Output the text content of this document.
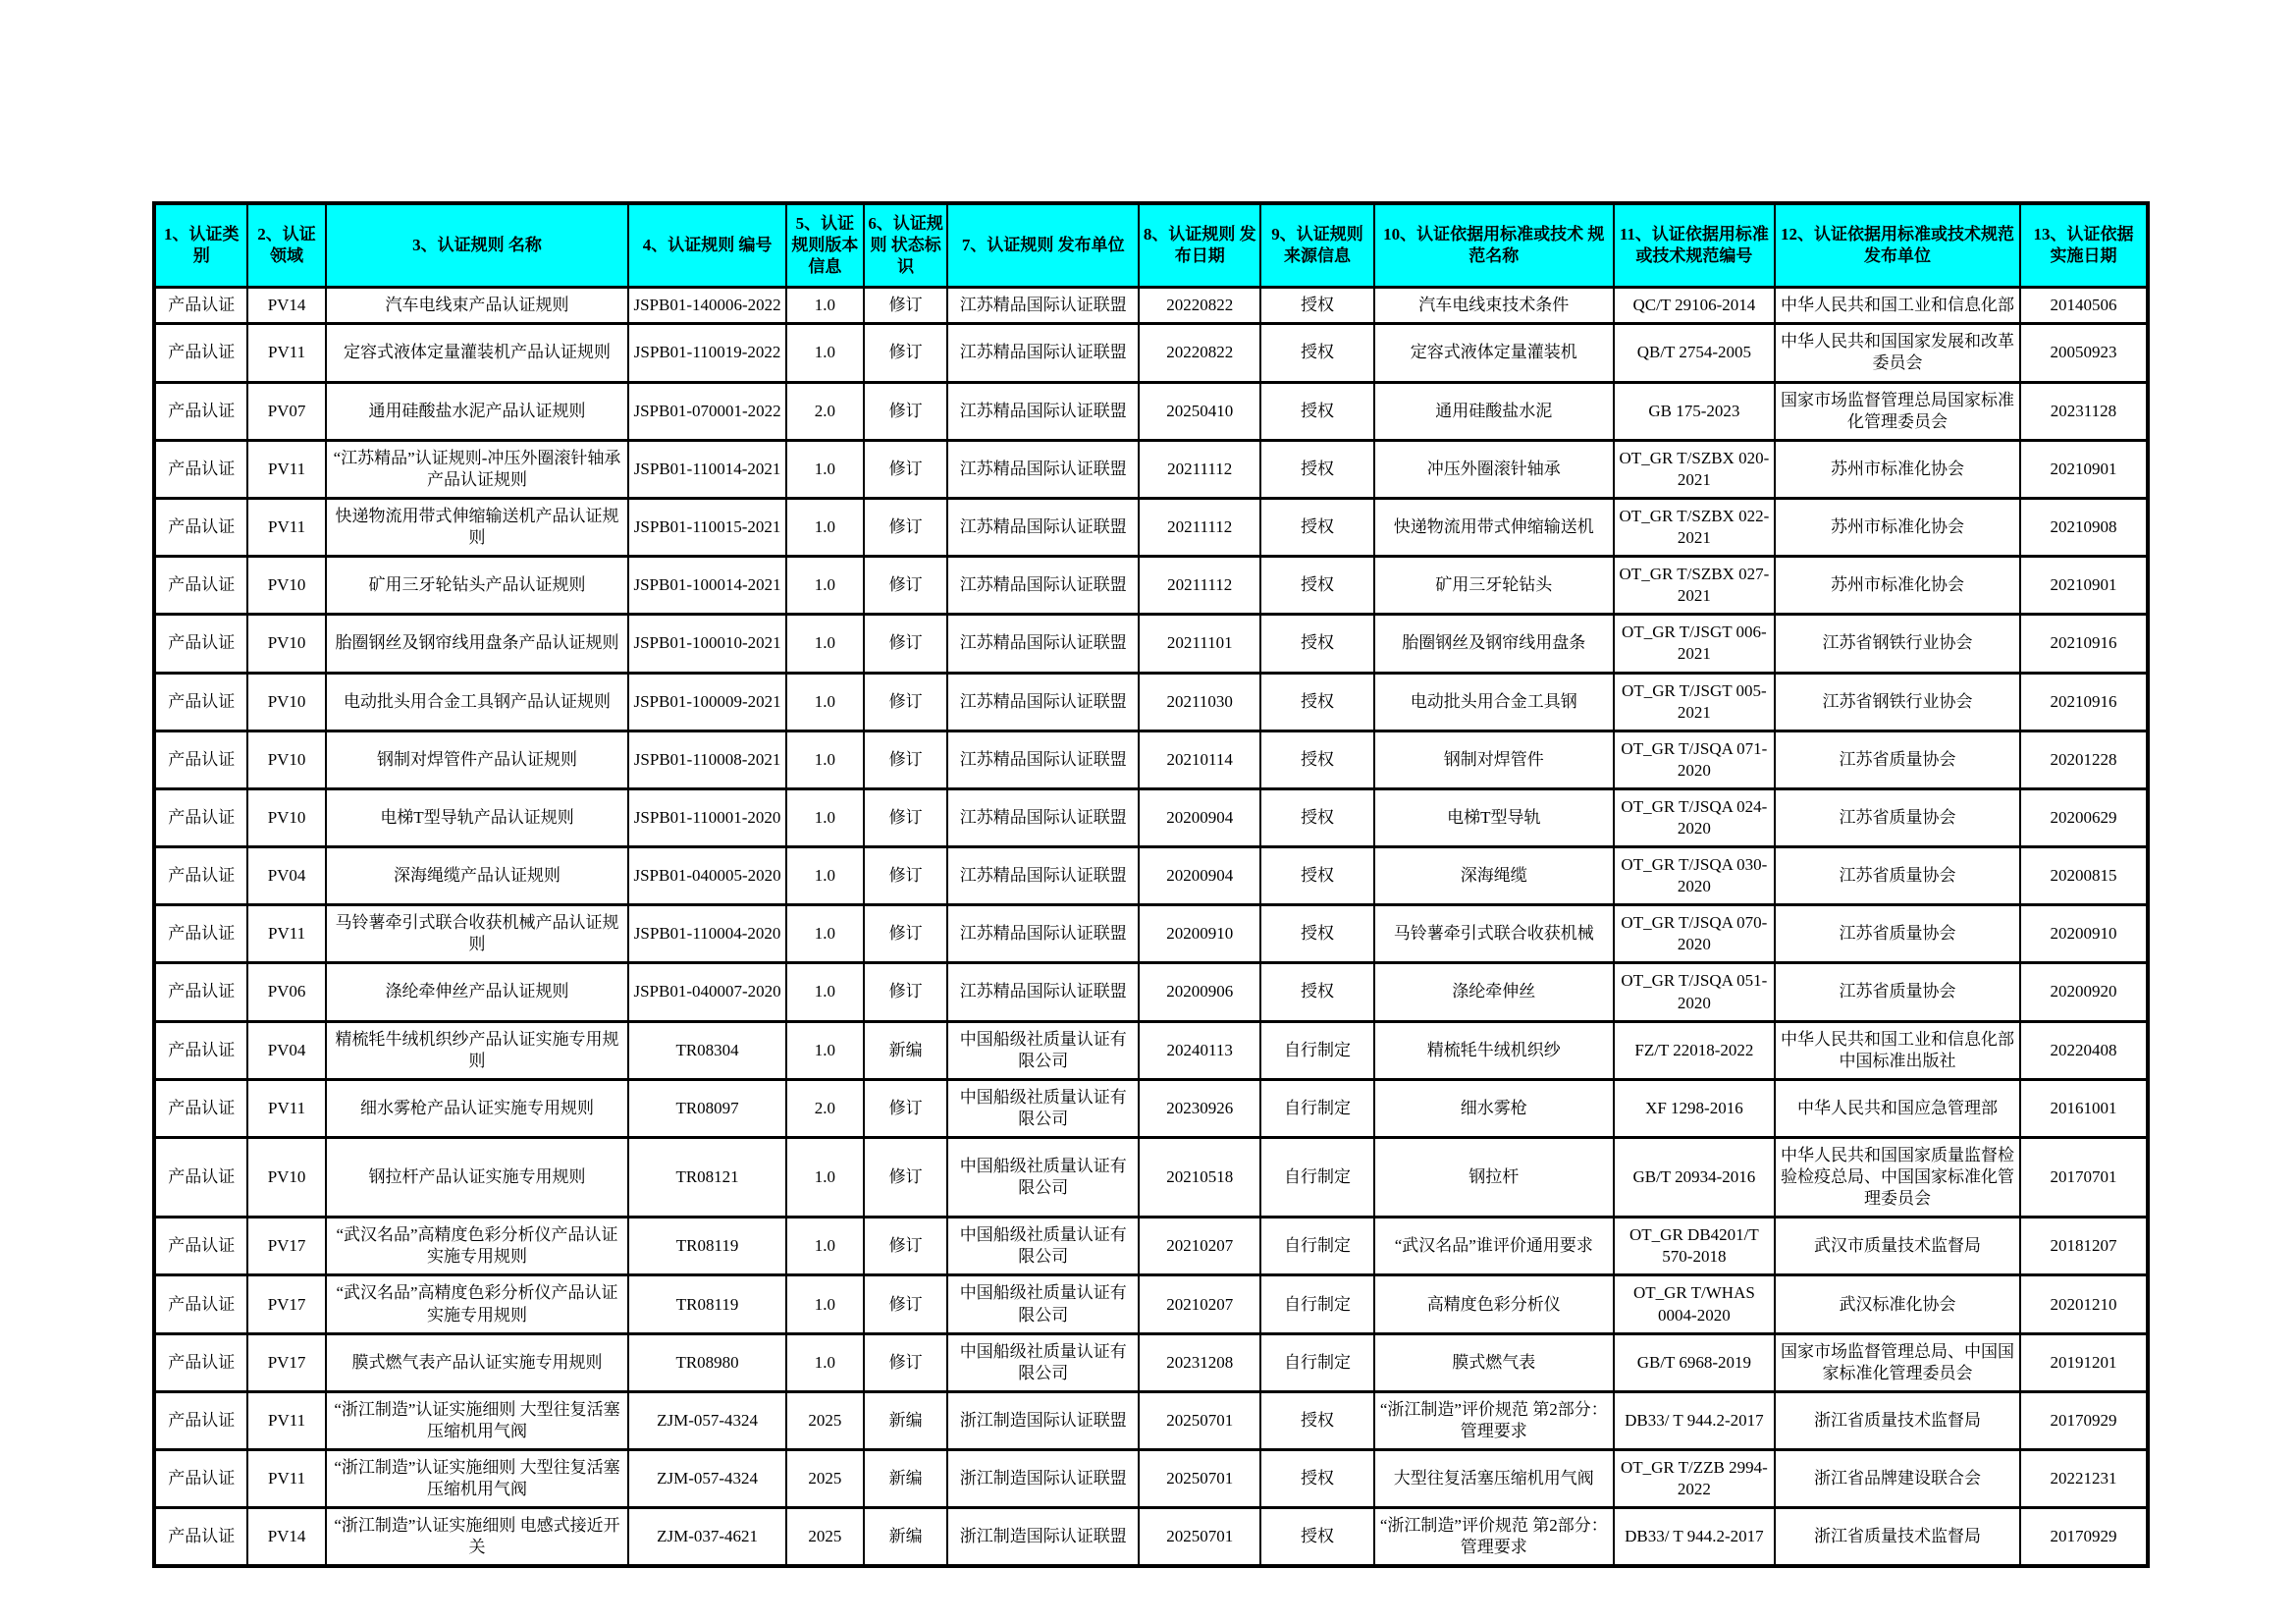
1、认证类别	2、认证领域	3、认证规则 名称	4、认证规则 编号	5、认证规则版本信息	6、认证规则 状态标识	7、认证规则 发布单位	8、认证规则 发布日期	9、认证规则 来源信息	10、认证依据用标准或技术 规范名称	11、认证依据用标准或技术规范编号	12、认证依据用标准或技术规范发布单位	13、认证依据 实施日期
产品认证	PV14	汽车电线束产品认证规则	JSPB01-140006-2022	1.0	修订	江苏精品国际认证联盟	20220822	授权	汽车电线束技术条件	QC/T 29106-2014	中华人民共和国工业和信息化部	20140506
产品认证	PV11	定容式液体定量灌装机产品认证规则	JSPB01-110019-2022	1.0	修订	江苏精品国际认证联盟	20220822	授权	定容式液体定量灌装机	QB/T 2754-2005	中华人民共和国国家发展和改革委员会	20050923
产品认证	PV07	通用硅酸盐水泥产品认证规则	JSPB01-070001-2022	2.0	修订	江苏精品国际认证联盟	20250410	授权	通用硅酸盐水泥	GB 175-2023	国家市场监督管理总局国家标准化管理委员会	20231128
产品认证	PV11	“江苏精品”认证规则-冲压外圈滚针轴承产品认证规则	JSPB01-110014-2021	1.0	修订	江苏精品国际认证联盟	20211112	授权	冲压外圈滚针轴承	OT_GR T/SZBX 020-2021	苏州市标准化协会	20210901
产品认证	PV11	快递物流用带式伸缩输送机产品认证规则	JSPB01-110015-2021	1.0	修订	江苏精品国际认证联盟	20211112	授权	快递物流用带式伸缩输送机	OT_GR T/SZBX 022-2021	苏州市标准化协会	20210908
产品认证	PV10	矿用三牙轮钻头产品认证规则	JSPB01-100014-2021	1.0	修订	江苏精品国际认证联盟	20211112	授权	矿用三牙轮钻头	OT_GR T/SZBX 027-2021	苏州市标准化协会	20210901
产品认证	PV10	胎圈钢丝及钢帘线用盘条产品认证规则	JSPB01-100010-2021	1.0	修订	江苏精品国际认证联盟	20211101	授权	胎圈钢丝及钢帘线用盘条	OT_GR T/JSGT 006-2021	江苏省钢铁行业协会	20210916
产品认证	PV10	电动批头用合金工具钢产品认证规则	JSPB01-100009-2021	1.0	修订	江苏精品国际认证联盟	20211030	授权	电动批头用合金工具钢	OT_GR T/JSGT 005-2021	江苏省钢铁行业协会	20210916
产品认证	PV10	钢制对焊管件产品认证规则	JSPB01-110008-2021	1.0	修订	江苏精品国际认证联盟	20210114	授权	钢制对焊管件	OT_GR T/JSQA 071-2020	江苏省质量协会	20201228
产品认证	PV10	电梯T型导轨产品认证规则	JSPB01-110001-2020	1.0	修订	江苏精品国际认证联盟	20200904	授权	电梯T型导轨	OT_GR T/JSQA 024-2020	江苏省质量协会	20200629
产品认证	PV04	深海绳缆产品认证规则	JSPB01-040005-2020	1.0	修订	江苏精品国际认证联盟	20200904	授权	深海绳缆	OT_GR T/JSQA 030-2020	江苏省质量协会	20200815
产品认证	PV11	马铃薯牵引式联合收获机械产品认证规则	JSPB01-110004-2020	1.0	修订	江苏精品国际认证联盟	20200910	授权	马铃薯牵引式联合收获机械	OT_GR T/JSQA 070-2020	江苏省质量协会	20200910
产品认证	PV06	涤纶牵伸丝产品认证规则	JSPB01-040007-2020	1.0	修订	江苏精品国际认证联盟	20200906	授权	涤纶牵伸丝	OT_GR T/JSQA 051-2020	江苏省质量协会	20200920
产品认证	PV04	精梳牦牛绒机织纱产品认证实施专用规则	TR08304	1.0	新编	中国船级社质量认证有限公司	20240113	自行制定	精梳牦牛绒机织纱	FZ/T 22018-2022	中华人民共和国工业和信息化部 中国标准出版社	20220408
产品认证	PV11	细水雾枪产品认证实施专用规则	TR08097	2.0	修订	中国船级社质量认证有限公司	20230926	自行制定	细水雾枪	XF 1298-2016	中华人民共和国应急管理部	20161001
产品认证	PV10	钢拉杆产品认证实施专用规则	TR08121	1.0	修订	中国船级社质量认证有限公司	20210518	自行制定	钢拉杆	GB/T 20934-2016	中华人民共和国国家质量监督检验检疫总局、中国国家标准化管理委员会	20170701
产品认证	PV17	“武汉名品”高精度色彩分析仪产品认证实施专用规则	TR08119	1.0	修订	中国船级社质量认证有限公司	20210207	自行制定	“武汉名品”谁评价通用要求	OT_GR DB4201/T 570-2018	武汉市质量技术监督局	20181207
产品认证	PV17	“武汉名品”高精度色彩分析仪产品认证实施专用规则	TR08119	1.0	修订	中国船级社质量认证有限公司	20210207	自行制定	高精度色彩分析仪	OT_GR T/WHAS 0004-2020	武汉标准化协会	20201210
产品认证	PV17	膜式燃气表产品认证实施专用规则	TR08980	1.0	修订	中国船级社质量认证有限公司	20231208	自行制定	膜式燃气表	GB/T 6968-2019	国家市场监督管理总局、中国国家标准化管理委员会	20191201
产品认证	PV11	“浙江制造”认证实施细则 大型往复活塞压缩机用气阀	ZJM-057-4324	2025	新编	浙江制造国际认证联盟	20250701	授权	“浙江制造”评价规范 第2部分：管理要求	DB33/ T 944.2-2017	浙江省质量技术监督局	20170929
产品认证	PV11	“浙江制造”认证实施细则 大型往复活塞压缩机用气阀	ZJM-057-4324	2025	新编	浙江制造国际认证联盟	20250701	授权	大型往复活塞压缩机用气阀	OT_GR T/ZZB 2994-2022	浙江省品牌建设联合会	20221231
产品认证	PV14	“浙江制造”认证实施细则 电感式接近开关	ZJM-037-4621	2025	新编	浙江制造国际认证联盟	20250701	授权	“浙江制造”评价规范 第2部分：管理要求	DB33/ T 944.2-2017	浙江省质量技术监督局	20170929
